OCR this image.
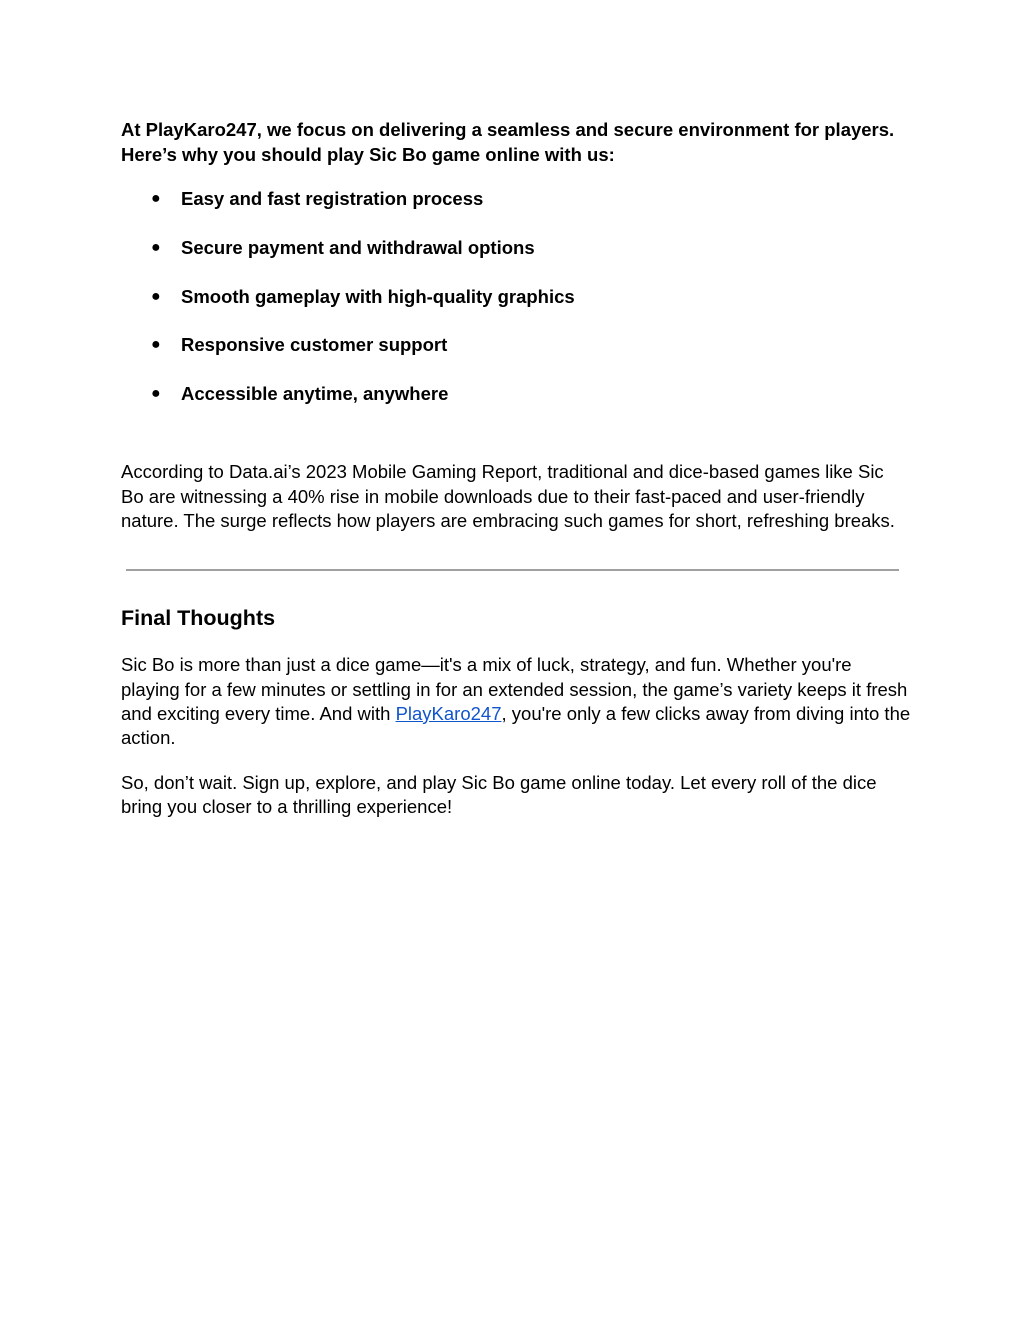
At PlayKaro247, we focus on delivering a seamless and secure environment for players. Here’s why you should play Sic Bo game online with us:

●	Easy and fast registration process
●	Secure payment and withdrawal options
●	Smooth gameplay with high-quality graphics
●	Responsive customer support
●	Accessible anytime, anywhere

According to Data.ai’s 2023 Mobile Gaming Report, traditional and dice-based games like Sic Bo are witnessing a 40% rise in mobile downloads due to their fast-paced and user-friendly nature. The surge reflects how players are embracing such games for short, refreshing breaks.

Final Thoughts

Sic Bo is more than just a dice game—it's a mix of luck, strategy, and fun. Whether you're playing for a few minutes or settling in for an extended session, the game’s variety keeps it fresh and exciting every time. And with PlayKaro247, you're only a few clicks away from diving into the action.

So, don’t wait. Sign up, explore, and play Sic Bo game online today. Let every roll of the dice bring you closer to a thrilling experience!
